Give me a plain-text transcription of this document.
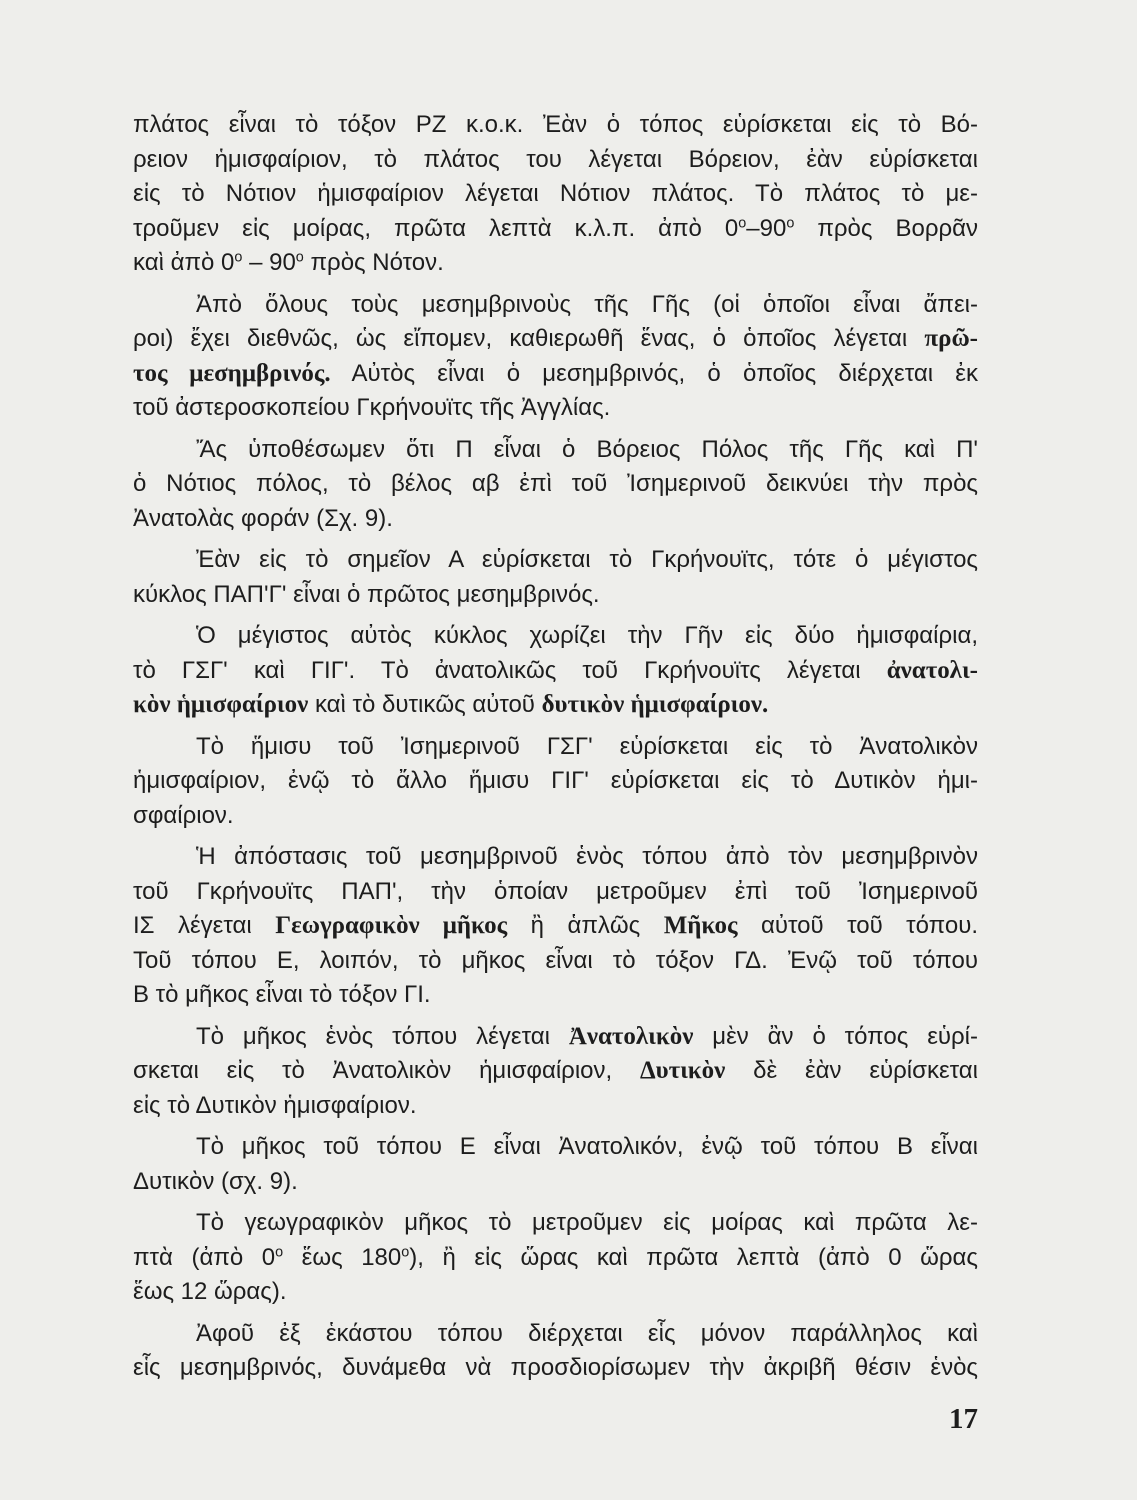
πλάτος εἶναι τὸ τόξον ΡΖ κ.ο.κ. Ἐὰν ὁ τόπος εὑρίσκεται εἰς τὸ Βό-
ρειον ἡμισφαίριον, τὸ πλάτος του λέγεται Βόρειον, ἐὰν εὑρίσκεται
εἰς τὸ Νότιον ἡμισφαίριον λέγεται Νότιον πλάτος. Τὸ πλάτος τὸ με-
τροῦμεν εἰς μοίρας, πρῶτα λεπτὰ κ.λ.π. ἀπὸ $0^o-90^o$ πρὸς Βορρᾶν
καὶ ἀπὸ $0^o - 90^o$ πρὸς Νότον.
Ἀπὸ ὅλους τοὺς μεσημβρινοὺς τῆς Γῆς (οἱ ὁποῖοι εἶναι ἄπει-
ροι) ἔχει διεθνῶς, ὡς εἴπομεν, καθιερωθῆ ἕνας, ὁ ὁποῖος λέγεται πρῶ-
τος μεσημβρινός. Αὐτὸς εἶναι ὁ μεσημβρινός, ὁ ὁποῖος διέρχεται ἐκ
τοῦ ἀστεροσκοπείου Γκρήνουϊτς τῆς Ἀγγλίας.
Ἄς ὑποθέσωμεν ὅτι Π εἶναι ὁ Βόρειος Πόλος τῆς Γῆς καὶ Π'
ὁ Νότιος πόλος, τὸ βέλος αβ ἐπὶ τοῦ Ἰσημερινοῦ δεικνύει τὴν πρὸς
Ἀνατολὰς φοράν (Σχ. 9).
Ἐὰν εἰς τὸ σημεῖον Α εὑρίσκεται τὸ Γκρήνουϊτς, τότε ὁ μέγιστος
κύκλος ΠΑΠ'Γ' εἶναι ὁ πρῶτος μεσημβρινός.
Ὁ μέγιστος αὐτὸς κύκλος χωρίζει τὴν Γῆν εἰς δύο ἡμισφαίρια,
τὸ ΓΣΓ' καὶ ΓΙΓ'. Τὸ ἀνατολικῶς τοῦ Γκρήνουϊτς λέγεται ἀνατολι-
κὸν ἡμισφαίριον καὶ τὸ δυτικῶς αὐτοῦ δυτικὸν ἡμισφαίριον.
Τὸ ἥμισυ τοῦ Ἰσημερινοῦ ΓΣΓ' εὑρίσκεται εἰς τὸ Ἀνατολικὸν
ἡμισφαίριον, ἐνῷ τὸ ἄλλο ἥμισυ ΓΙΓ' εὑρίσκεται εἰς τὸ Δυτικὸν ἡμι-
σφαίριον.
Ἡ ἀπόστασις τοῦ μεσημβρινοῦ ἑνὸς τόπου ἀπὸ τὸν μεσημβρινὸν
τοῦ Γκρήνουϊτς ΠΑΠ', τὴν ὁποίαν μετροῦμεν ἐπὶ τοῦ Ἰσημερινοῦ
ΙΣ λέγεται Γεωγραφικὸν μῆκος ἢ ἁπλῶς Μῆκος αὐτοῦ τοῦ τόπου.
Τοῦ τόπου Ε, λοιπόν, τὸ μῆκος εἶναι τὸ τόξον ΓΔ. Ἐνῷ τοῦ τόπου
Β τὸ μῆκος εἶναι τὸ τόξον ΓΙ.
Τὸ μῆκος ἑνὸς τόπου λέγεται Ἀνατολικὸν μὲν ἂν ὁ τόπος εὑρί-
σκεται εἰς τὸ Ἀνατολικὸν ἡμισφαίριον, Δυτικὸν δὲ ἐὰν εὑρίσκεται
εἰς τὸ Δυτικὸν ἡμισφαίριον.
Τὸ μῆκος τοῦ τόπου Ε εἶναι Ἀνατολικόν, ἐνῷ τοῦ τόπου Β εἶναι
Δυτικὸν (σχ. 9).
Τὸ γεωγραφικὸν μῆκος τὸ μετροῦμεν εἰς μοίρας καὶ πρῶτα λε-
πτὰ (ἀπὸ $0^o$ ἕως $180^o$), ἢ εἰς ὥρας καὶ πρῶτα λεπτὰ (ἀπὸ 0 ὥρας
ἕως 12 ὥρας).
Ἀφοῦ ἐξ ἑκάστου τόπου διέρχεται εἷς μόνον παράλληλος καὶ
εἷς μεσημβρινός, δυνάμεθα νὰ προσδιορίσωμεν τὴν ἀκριβῆ θέσιν ἑνὸς
17
